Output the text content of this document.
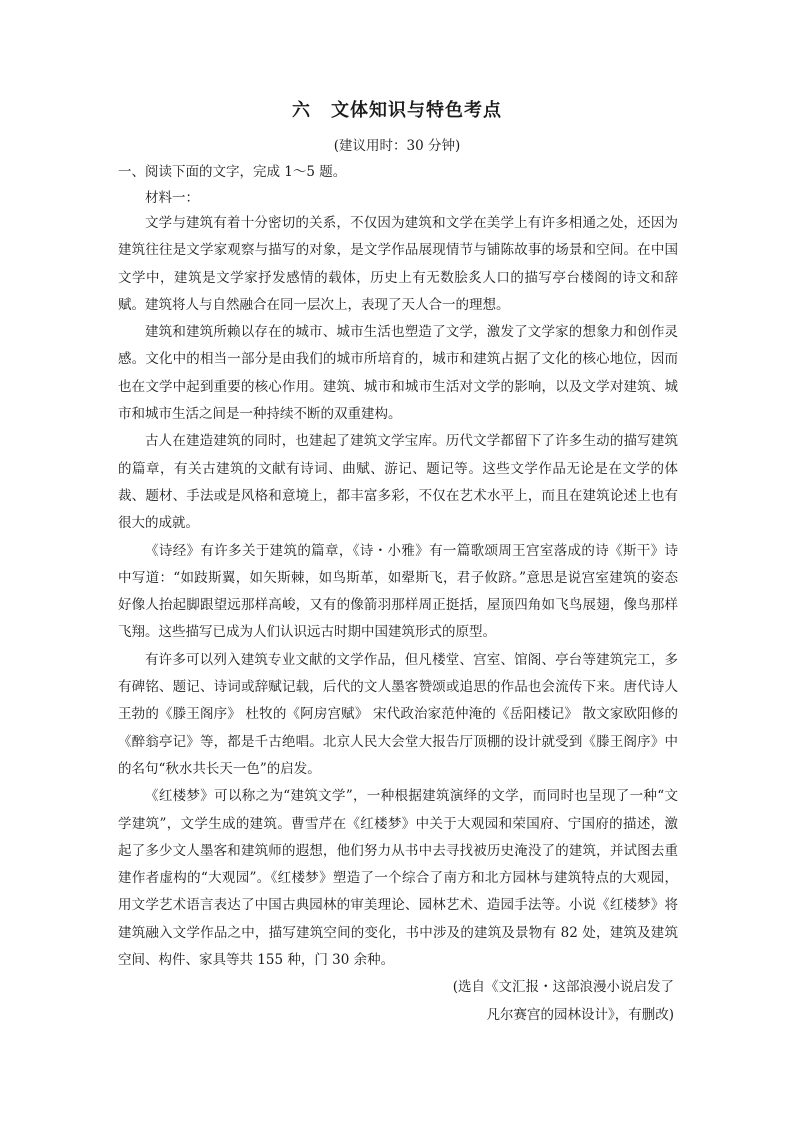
六 文体知识与特色考点
(建议用时：30 分钟)
一、阅读下面的文字，完成 1～5 题。
材料一：

文学与建筑有着十分密切的关系，不仅因为建筑和文学在美学上有许多相通之处，还因为建筑往往是文学家观察与描写的对象，是文学作品展现情节与铺陈故事的场景和空间。在中国文学中，建筑是文学家抒发感情的载体，历史上有无数脍炙人口的描写亭台楼阁的诗文和辞赋。建筑将人与自然融合在同一层次上，表现了天人合一的理想。

建筑和建筑所赖以存在的城市、城市生活也塑造了文学，激发了文学家的想象力和创作灵感。文化中的相当一部分是由我们的城市所培育的，城市和建筑占据了文化的核心地位，因而也在文学中起到重要的核心作用。建筑、城市和城市生活对文学的影响，以及文学对建筑、城市和城市生活之间是一种持续不断的双重建构。

古人在建造建筑的同时，也建起了建筑文学宝库。历代文学都留下了许多生动的描写建筑的篇章，有关古建筑的文献有诗词、曲赋、游记、题记等。这些文学作品无论是在文学的体裁、题材、手法或是风格和意境上，都丰富多彩，不仅在艺术水平上，而且在建筑论述上也有很大的成就。

《诗经》有许多关于建筑的篇章，《诗・小雅》有一篇歌颂周王宫室落成的诗《斯干》诗中写道：“如跂斯翼，如矢斯棘，如鸟斯革，如翚斯飞，君子攸跻。”意思是说宫室建筑的姿态好像人抬起脚跟望远那样高峻，又有的像箭羽那样周正挺括，屋顶四角如飞鸟展翅，像鸟那样飞翔。这些描写已成为人们认识远古时期中国建筑形式的原型。

有许多可以列入建筑专业文献的文学作品，但凡楼堂、宫室、馆阁、亭台等建筑完工，多有碑铭、题记、诗词或辞赋记载，后代的文人墨客赞颂或追思的作品也会流传下来。唐代诗人王勃的《滕王阁序》 杜牧的《阿房宫赋》 宋代政治家范仲淹的《岳阳楼记》 散文家欧阳修的《醉翁亭记》等，都是千古绝唱。北京人民大会堂大报告厅顶棚的设计就受到《滕王阁序》中的名句“秋水共长天一色”的启发。

《红楼梦》可以称之为“建筑文学”，一种根据建筑演绎的文学，而同时也呈现了一种“文学建筑”，文学生成的建筑。曹雪芹在《红楼梦》中关于大观园和荣国府、宁国府的描述，激起了多少文人墨客和建筑师的遐想，他们努力从书中去寻找被历史淹没了的建筑，并试图去重建作者虚构的“大观园”。《红楼梦》塑造了一个综合了南方和北方园林与建筑特点的大观园，用文学艺术语言表达了中国古典园林的审美理论、园林艺术、造园手法等。小说《红楼梦》将建筑融入文学作品之中，描写建筑空间的变化，书中涉及的建筑及景物有 82 处，建筑及建筑空间、构件、家具等共 155 种，门 30 余种。

(选自《文汇报・这部浪漫小说启发了
凡尔赛宫的园林设计》，有删改)
